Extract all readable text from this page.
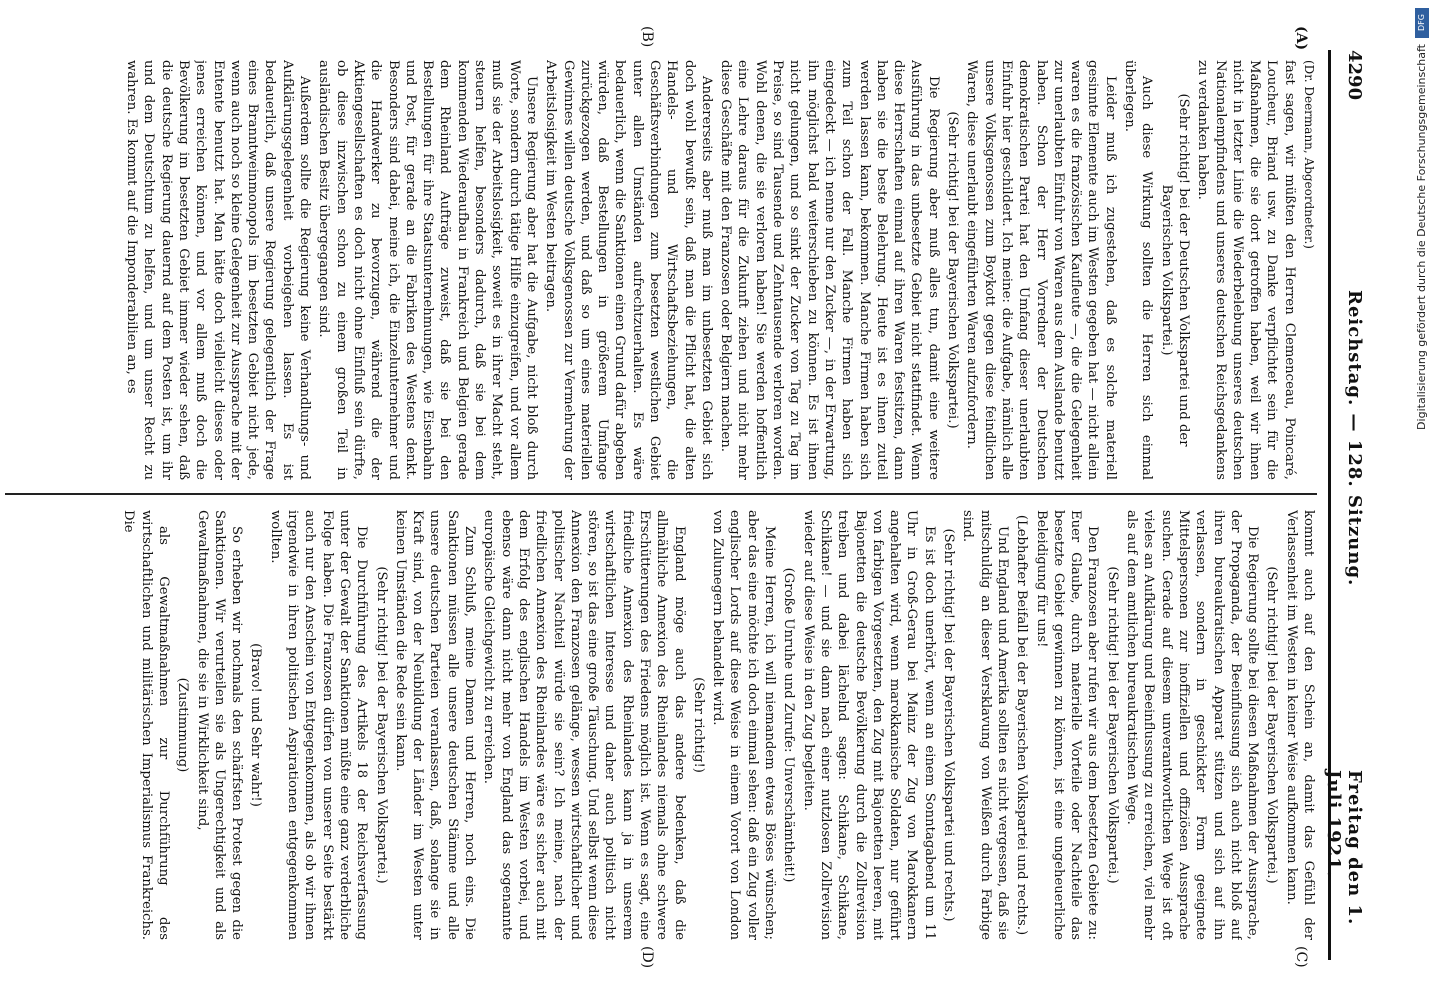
4290
Reichstag. — 128. Sitzung.
Freitag den 1. Juli 1921.
(A)
(B)
(C)
(D)

(Dr. Deermann, Abgeordneter.)

fast sagen, wir müßten den Herren Clemenceau, Poincaré, Loucheur, Briand usw. zu Danke verpflichtet sein für die Maßnahmen, die sie dort getroffen haben, weil wir ihnen nicht in letzter Linie die Wiederbelebung unseres deutschen Nationalempfindens und unseres deutschen Reichsgedankens zu verdanken haben.

(Sehr richtig! bei der Deutschen Volkspartei und der Bayerischen Volkspartei.)

Auch diese Wirkung sollten die Herren sich einmal überlegen.

Leider muß ich zugestehen, daß es solche materiell gesinnte Elemente auch im Westen gegeben hat — nicht allein waren es die französischen Kaufleute —, die die Gelegenheit zur unerlaubten Einfuhr von Waren aus dem Auslande benutzt haben. Schon der Herr Vorredner der Deutschen demokratischen Partei hat den Umfang dieser unerlaubten Einfuhr hier geschildert. Ich meine: die Aufgabe, nämlich alle unsere Volksgenossen zum Boykott gegen diese feindlichen Waren, diese unerlaubt eingeführten Waren aufzufordern.

(Sehr richtig! bei der Bayerischen Volkspartei.)

Die Regierung aber muß alles tun, damit eine weitere Ausführung in das unbesetzte Gebiet nicht stattfindet. Wenn diese Herrschaften einmal auf ihren Waren festsitzen, dann haben sie die beste Belehrung. Heute ist es ihnen zuteil werden lassen kann, bekommen. Manche Firmen haben sich zum Teil schon der Fall. Manche Firmen haben sich eingedeckt — ich nenne nur den Zucker —, in der Erwartung, ihn möglichst bald weiterschieben zu können. Es ist ihnen nicht gelungen, und so sinkt der Zucker von Tag zu Tag im Preise, so sind Tausende und Zehntausende verloren worden. Wohl denen, die sie verloren haben! Sie werden hoffentlich eine Lehre daraus für die Zukunft ziehen und nicht mehr diese Geschäfte mit den Franzosen oder Belgiern machen.

Andererseits aber muß man im unbesetzten Gebiet sich doch wohl bewußt sein, daß man die Pflicht hat, die alten Handels- und Wirtschaftsbeziehungen, die Geschäftsverbindungen zum besetzten westlichen Gebiet unter allen Umständen aufrechtzuerhalten. Es wäre bedauerlich, wenn die Sanktionen einen Grund dafür abgeben würden, daß Bestellungen in größerem Umfange zurückgezogen werden, und daß so um eines materiellen Gewinnes willen deutsche Volksgenossen zur Vermehrung der Arbeitslosigkeit im Westen beitragen.

Unsere Regierung aber hat die Aufgabe, nicht bloß durch Worte, sondern durch tätige Hilfe einzugreifen, und vor allem muß sie der Arbeitslosigkeit, soweit es in ihrer Macht steht, steuern helfen, besonders dadurch, daß sie bei dem kommenden Wiederaufbau in Frankreich und Belgien gerade dem Rheinland Aufträge zuweist, daß sie bei den Bestellungen für ihre Staatsunternehmungen, wie Eisenbahn und Post, für gerade an die Fabriken des Westens denkt. Besonders sind dabei, meine ich, die Einzelunternehmer und die Handwerker zu bevorzugen, während die der Aktiengesellschaften es doch nicht ohne Einfluß sein dürfte, ob diese inzwischen schon zu einem großen Teil in ausländischen Besitz übergegangen sind.

Außerdem sollte die Regierung keine Verhandlungs- und Aufklärungsgelegenheit vorbeigehen lassen. Es ist bedauerlich, daß unsere Regierung gelegentlich der Frage eines Branntweinmonopols im besetzten Gebiet nicht jede, wenn auch noch so kleine Gelegenheit zur Aussprache mit der Entente benutzt hat. Man hätte doch vielleicht dieses oder jenes erreichen können, und vor allem muß doch die Bevölkerung im besetzten Gebiet immer wieder sehen, daß die deutsche Regierung dauernd auf dem Posten ist, um ihr und dem Deutschtum zu helfen, und um unser Recht zu wahren. Es kommt auf die Imponderabilien an, es

kommt auch auf den Schein an, damit das Gefühl der Verlassenheit im Westen in keiner Weise aufkommen kann.

(Sehr richtig! bei der Bayerischen Volkspartei.)

Die Regierung sollte bei diesen Maßnahmen der Aussprache, der Propaganda, der Beeinflussung sich auch nicht bloß auf ihren bureaukratischen Apparat stützen und sich auf ihn verlassen, sondern in geschickter Form geeignete Mittelspersonen zur inoffiziellen und offiziösen Aussprache suchen. Gerade auf diesem unverantwortlichen Wege ist oft vieles an Aufklärung und Beeinflussung zu erreichen, viel mehr als auf dem amtlichen bureaukratischen Wege.

(Sehr richtig! bei der Bayerischen Volkspartei.)

Den Franzosen aber rufen wir aus dem besetzten Gebiete zu: Euer Glaube, durch materielle Vorteile oder Nachteile das besetzte Gebiet gewinnen zu können, ist eine ungeheuerliche Beleidigung für uns!

(Lebhafter Beifall bei der Bayerischen Volkspartei und rechts.)

Und England und Amerika sollten es nicht vergessen, daß sie mitschuldig an dieser Versklavung von Weißen durch Farbige sind.

(Sehr richtig! bei der Bayerischen Volkspartei und rechts.)

Es ist doch unerhört, wenn an einem Sonntagabend um 11 Uhr in Groß-Gerau bei Mainz der Zug von Marokkanern angehalten wird, wenn marokkanische Soldaten, nur geführt von farbigen Vorgesetzten, den Zug mit Bajonetten leeren, mit Bajonetten die deutsche Bevölkerung durch die Zollrevision treiben und dabei lächelnd sagen: Schikane, Schikane, Schikane! — und sie dann nach einer nutzlosen Zollrevision wieder auf diese Weise in den Zug begleiten.

(Große Unruhe und Zurufe: Unverschämtheit!)

Meine Herren, ich will niemandem etwas Böses wünschen; aber das eine möchte ich doch einmal sehen: daß ein Zug voller englischer Lords auf diese Weise in einem Vorort von London von Zulunegern behandelt wird.

(Sehr richtig!)

England möge auch das andere bedenken, daß die allmähliche Annexion des Rheinlandes niemals ohne schwere Erschütterungen des Friedens möglich ist. Wenn es sagt, eine friedliche Annexion des Rheinlandes kann ja in unserem wirtschaftlichen Interesse und daher auch politisch nicht stören, so ist das eine große Täuschung. Und selbst wenn diese Annexion den Franzosen gelänge, wessen wirtschaftlicher und politischer Nachteil würde sie sein? Ich meine, nach der friedlichen Annexion des Rheinlandes wäre es sicher auch mit dem Erfolg des englischen Handels im Westen vorbei, und ebenso wäre dann nicht mehr von England das sogenannte europäische Gleichgewicht zu erreichen.

Zum Schluß, meine Damen und Herren, noch eins. Die Sanktionen müssen alle unsere deutschen Stämme und alle unsere deutschen Parteien veranlassen, daß, solange sie in Kraft sind, von der Neubildung der Länder im Westen unter keinen Umständen die Rede sein kann.

(Sehr richtig! bei der Bayerischen Volkspartei.)

Die Durchführung des Artikels 18 der Reichsverfassung unter der Gewalt der Sanktionen müßte eine ganz verderbliche Folge haben. Die Franzosen dürfen von unserer Seite bestärkt auch nur den Anschein von Entgegenkommen, als ob wir ihnen irgendwie in ihren politischen Aspirationen entgegenkommen wollten.

(Bravo! und Sehr wahr!)

So erheben wir nochmals den schärfsten Protest gegen die Sanktionen. Wir verurteilen sie als Ungerechtigkeit und als Gewaltmaßnahmen, die sie in Wirklichkeit sind,

(Zustimmung)

als Gewaltmaßnahmen zur Durchführung des wirtschaftlichen und militärischen Imperialismus Frankreichs. Die

DFG
Digitalisierung gefördert durch die Deutsche Forschungsgemeinschaft
